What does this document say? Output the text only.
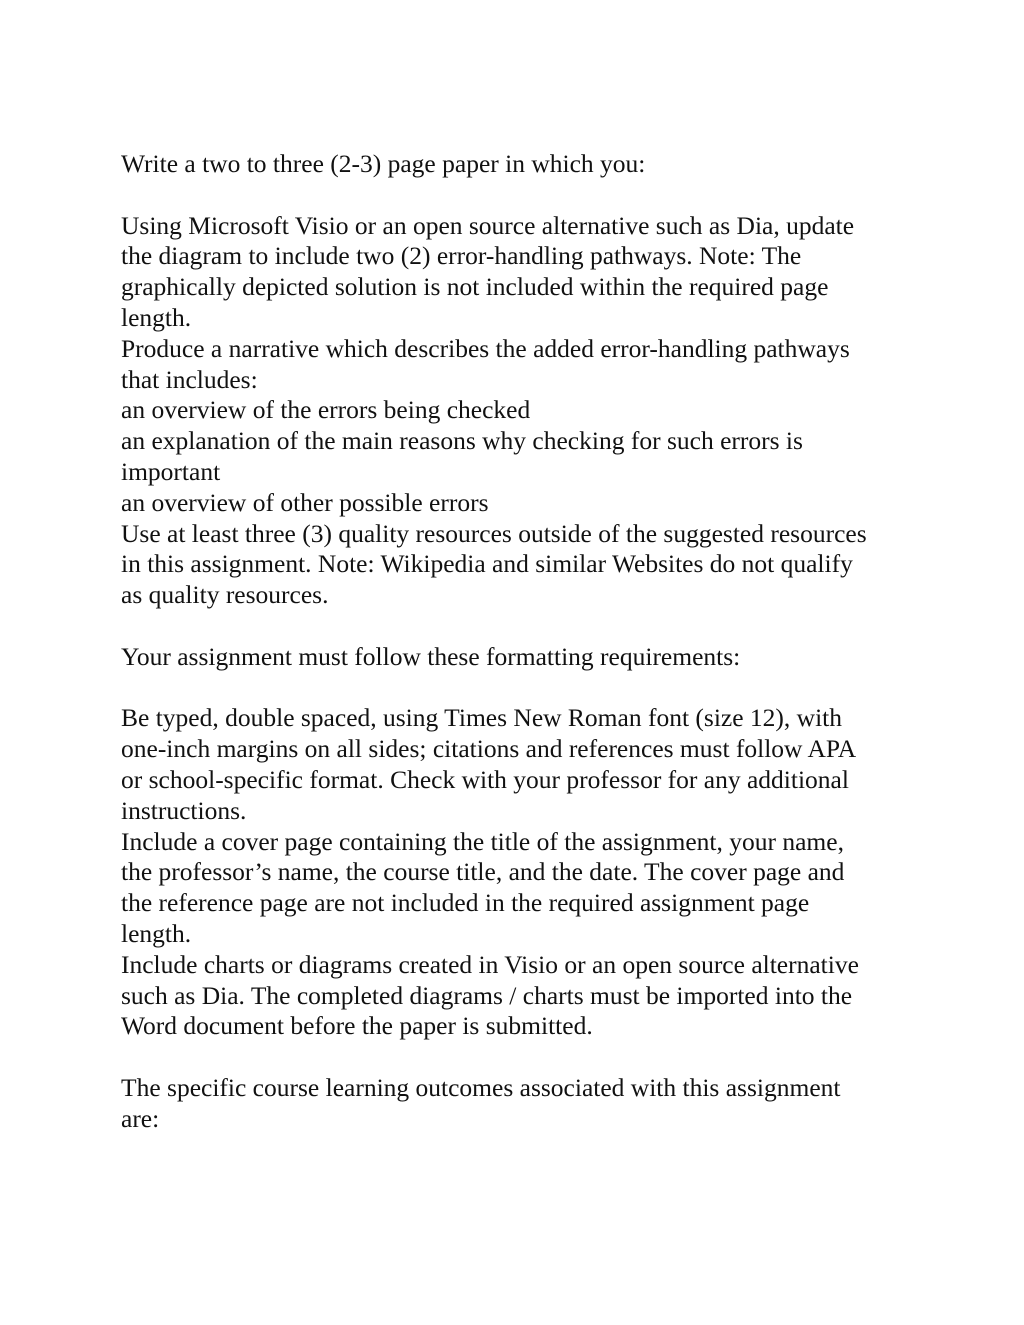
Write a two to three (2-3) page paper in which you:
Using Microsoft Visio or an open source alternative such as Dia, update
the diagram to include two (2) error-handling pathways. Note: The
graphically depicted solution is not included within the required page
length.
Produce a narrative which describes the added error-handling pathways
that includes:
an overview of the errors being checked
an explanation of the main reasons why checking for such errors is
important
an overview of other possible errors
Use at least three (3) quality resources outside of the suggested resources
in this assignment. Note: Wikipedia and similar Websites do not qualify
as quality resources.
Your assignment must follow these formatting requirements:
Be typed, double spaced, using Times New Roman font (size 12), with
one-inch margins on all sides; citations and references must follow APA
or school-specific format. Check with your professor for any additional
instructions.
Include a cover page containing the title of the assignment, your name,
the professor’s name, the course title, and the date. The cover page and
the reference page are not included in the required assignment page
length.
Include charts or diagrams created in Visio or an open source alternative
such as Dia. The completed diagrams / charts must be imported into the
Word document before the paper is submitted.
The specific course learning outcomes associated with this assignment
are:
